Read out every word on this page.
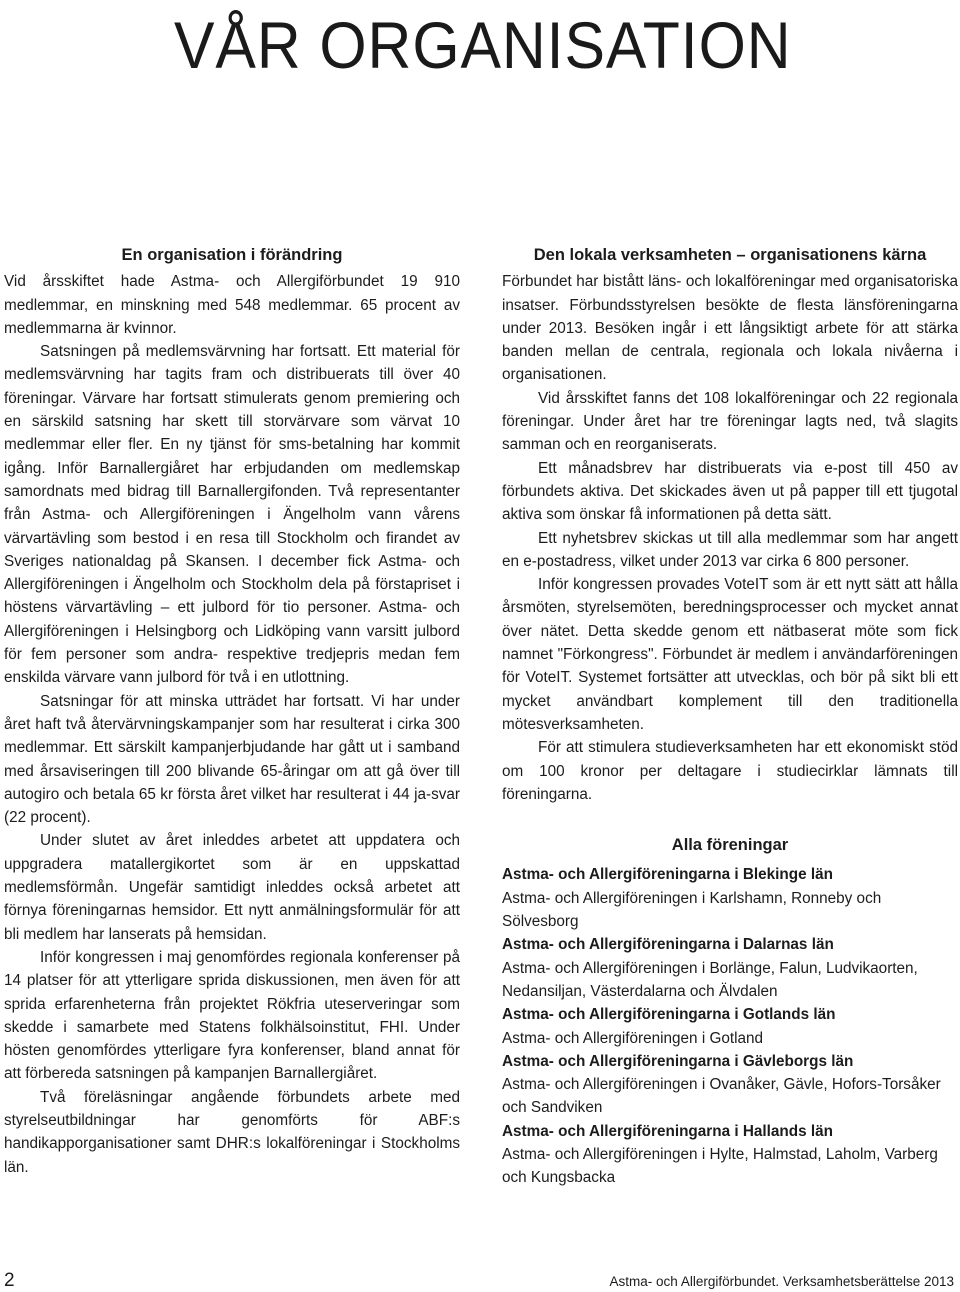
VÅR ORGANISATION
En organisation i förändring

Vid årsskiftet hade Astma- och Allergiförbundet 19 910 medlemmar, en minskning med 548 medlemmar. 65 procent av medlemmarna är kvinnor.

Satsningen på medlemsvärvning har fortsatt. Ett material för medlemsvärvning har tagits fram och distribuerats till över 40 föreningar. Värvare har fortsatt stimulerats genom premiering och en särskild satsning har skett till storvärvare som värvat 10 medlemmar eller fler. En ny tjänst för sms-betalning har kommit igång. Inför Barnallergiåret har erbjudanden om medlemskap samordnats med bidrag till Barnallergifonden. Två representanter från Astma- och Allergiföreningen i Ängelholm vann vårens värvartävling som bestod i en resa till Stockholm och firandet av Sveriges nationaldag på Skansen. I december fick Astma- och Allergiföreningen i Ängelholm och Stockholm dela på förstapriset i höstens värvartävling – ett julbord för tio personer. Astma- och Allergiföreningen i Helsingborg och Lidköping vann varsitt julbord för fem personer som andra- respektive tredjepris medan fem enskilda värvare vann julbord för två i en utlottning.

Satsningar för att minska utträdet har fortsatt. Vi har under året haft två återvärvningskampanjer som har resulterat i cirka 300 medlemmar. Ett särskilt kampanjerbjudande har gått ut i samband med årsaviseringen till 200 blivande 65-åringar om att gå över till autogiro och betala 65 kr första året vilket har resulterat i 44 ja-svar (22 procent).

Under slutet av året inleddes arbetet att uppdatera och uppgradera matallergikortet som är en uppskattad medlemsförmån. Ungefär samtidigt inleddes också arbetet att förnya föreningarnas hemsidor. Ett nytt anmälningsformulär för att bli medlem har lanserats på hemsidan.

Inför kongressen i maj genomfördes regionala konferenser på 14 platser för att ytterligare sprida diskussionen, men även för att sprida erfarenheterna från projektet Rökfria uteserveringar som skedde i samarbete med Statens folkhälsoinstitut, FHI. Under hösten genomfördes ytterligare fyra konferenser, bland annat för att förbereda satsningen på kampanjen Barnallergiåret.

Två föreläsningar angående förbundets arbete med styrelseutbildningar har genomförts för ABF:s handikapporganisationer samt DHR:s lokalföreningar i Stockholms län.

Den lokala verksamheten – organisationens kärna

Förbundet har bistått läns- och lokalföreningar med organisatoriska insatser. Förbundsstyrelsen besökte de flesta länsföreningarna under 2013. Besöken ingår i ett långsiktigt arbete för att stärka banden mellan de centrala, regionala och lokala nivåerna i organisationen.

Vid årsskiftet fanns det 108 lokalföreningar och 22 regionala föreningar. Under året har tre föreningar lagts ned, två slagits samman och en reorganiserats.

Ett månadsbrev har distribuerats via e-post till 450 av förbundets aktiva. Det skickades även ut på papper till ett tjugotal aktiva som önskar få informationen på detta sätt.

Ett nyhetsbrev skickas ut till alla medlemmar som har angett en e-postadress, vilket under 2013 var cirka 6 800 personer.

Inför kongressen provades VoteIT som är ett nytt sätt att hålla årsmöten, styrelsemöten, beredningsprocesser och mycket annat över nätet. Detta skedde genom ett nätbaserat möte som fick namnet "Förkongress". Förbundet är medlem i användarföreningen för VoteIT. Systemet fortsätter att utvecklas, och bör på sikt bli ett mycket användbart komplement till den traditionella mötesverksamheten.

För att stimulera studieverksamheten har ett ekonomiskt stöd om 100 kronor per deltagare i studiecirklar lämnats till föreningarna.

Alla föreningar

Astma- och Allergiföreningarna i Blekinge län

Astma- och Allergiföreningen i Karlshamn, Ronneby och Sölvesborg

Astma- och Allergiföreningarna i Dalarnas län

Astma- och Allergiföreningen i Borlänge, Falun, Ludvikaorten, Nedansiljan, Västerdalarna och Älvdalen

Astma- och Allergiföreningarna i Gotlands län

Astma- och Allergiföreningen i Gotland

Astma- och Allergiföreningarna i Gävleborgs län

Astma- och Allergiföreningen i Ovanåker, Gävle, Hofors-Torsåker och Sandviken

Astma- och Allergiföreningarna i Hallands län

Astma- och Allergiföreningen i Hylte, Halmstad, Laholm, Varberg och Kungsbacka

2	Astma- och Allergiförbundet. Verksamhetsberättelse 2013
